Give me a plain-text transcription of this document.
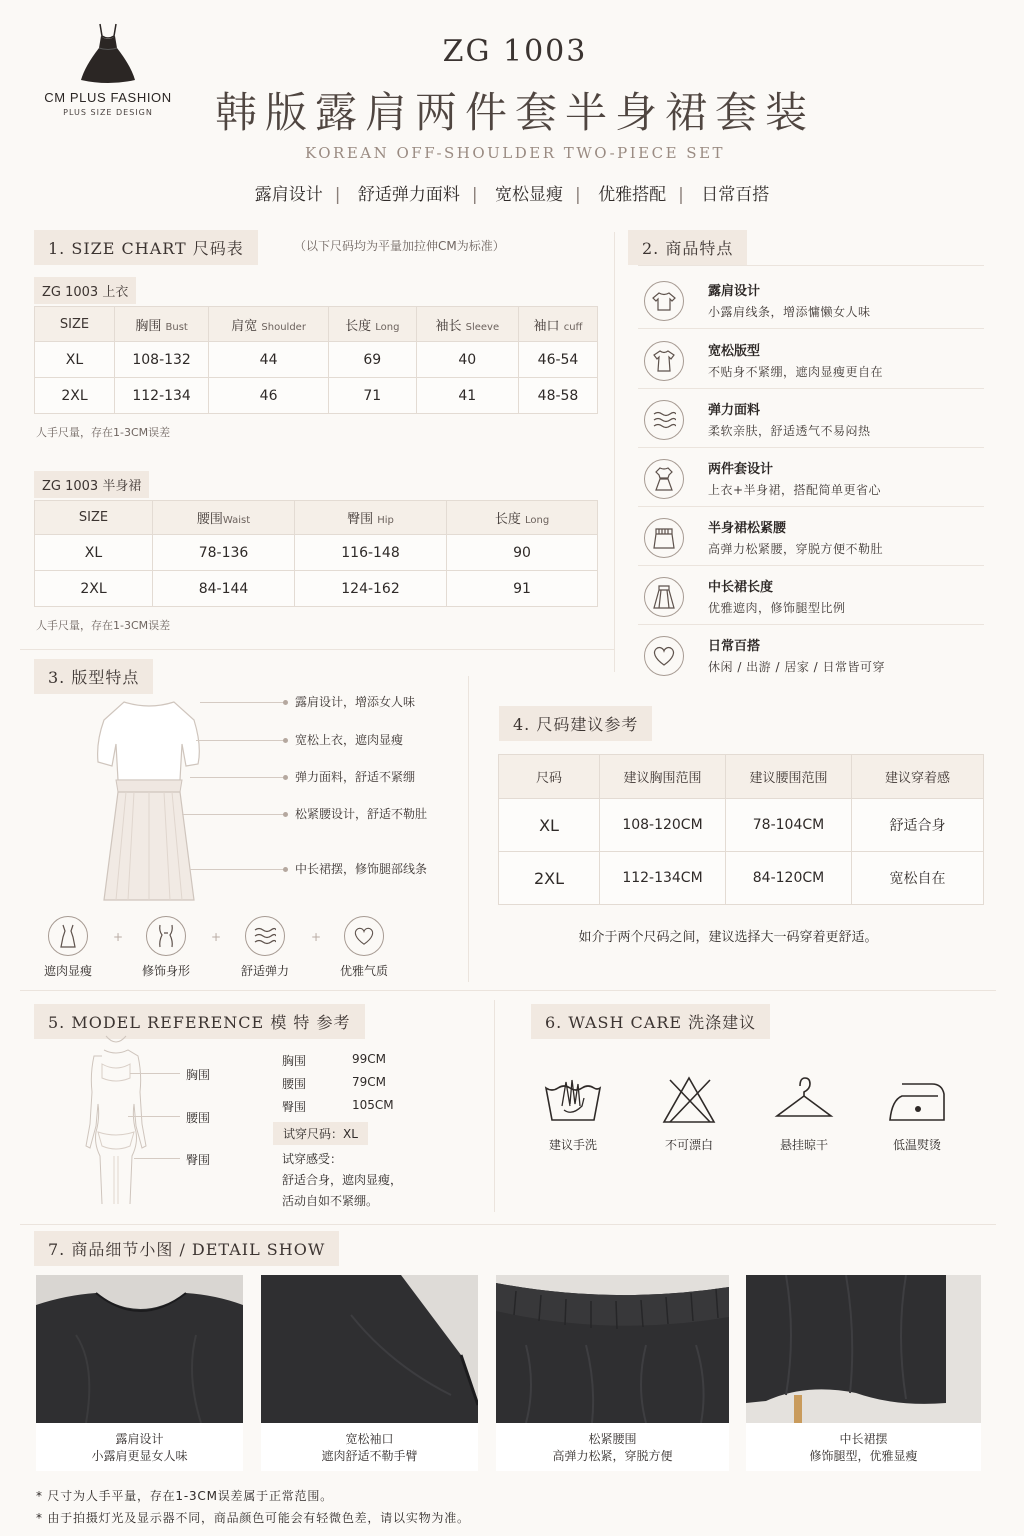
CM PLUS FASHION
PLUS SIZE DESIGN
ZG 1003
韩版露肩两件套半身裙套装
KOREAN OFF-SHOULDER TWO-PIECE SET
露肩设计 | 舒适弹力面料 | 宽松显瘦 | 优雅搭配 | 日常百搭
1. SIZE CHART 尺码表	（以下尺码均为平量加拉伸CM为标准）
ZG 1003 上衣
SIZE	胸围 Bust	肩宽 Shoulder	长度 Long	袖长 Sleeve	袖口 cuff
XL	108-132	44	69	40	46-54
2XL	112-134	46	71	41	48-58
人手尺量，存在1-3CM误差
ZG 1003 半身裙
SIZE	腰围Waist	臀围 Hip	长度 Long
XL	78-136	116-148	90
2XL	84-144	124-162	91
人手尺量，存在1-3CM误差
2. 商品特点
露肩设计
小露肩线条，增添慵懒女人味
宽松版型
不贴身不紧绷，遮肉显瘦更自在
弹力面料
柔软亲肤，舒适透气不易闷热
两件套设计
上衣+半身裙，搭配简单更省心
半身裙松紧腰
高弹力松紧腰，穿脱方便不勒肚
中长裙长度
优雅遮肉，修饰腿型比例
日常百搭
休闲 / 出游 / 居家 / 日常皆可穿
3. 版型特点
露肩设计，增添女人味
宽松上衣，遮肉显瘦
弹力面料，舒适不紧绷
松紧腰设计，舒适不勒肚
中长裙摆，修饰腿部线条
遮肉显瘦
+
修饰身形
+
舒适弹力
+
优雅气质
4. 尺码建议参考
尺码	建议胸围范围	建议腰围范围	建议穿着感
XL	108-120CM	78-104CM	舒适合身
2XL	112-134CM	84-120CM	宽松自在
如介于两个尺码之间，建议选择大一码穿着更舒适。
5. MODEL REFERENCE 模 特 参考
胸围
腰围
臀围
胸围	99CM
腰围	79CM
臀围	105CM
试穿尺码：XL
试穿感受：
舒适合身，遮肉显瘦，
活动自如不紧绷。
6. WASH CARE 洗涤建议
建议手洗	不可漂白	悬挂晾干	低温熨烫
7. 商品细节小图 / DETAIL SHOW
露肩设计
小露肩更显女人味
宽松袖口
遮肉舒适不勒手臂
松紧腰围
高弹力松紧，穿脱方便
中长裙摆
修饰腿型，优雅显瘦
* 尺寸为人手平量，存在1-3CM误差属于正常范围。
* 由于拍摄灯光及显示器不同，商品颜色可能会有轻微色差，请以实物为准。
